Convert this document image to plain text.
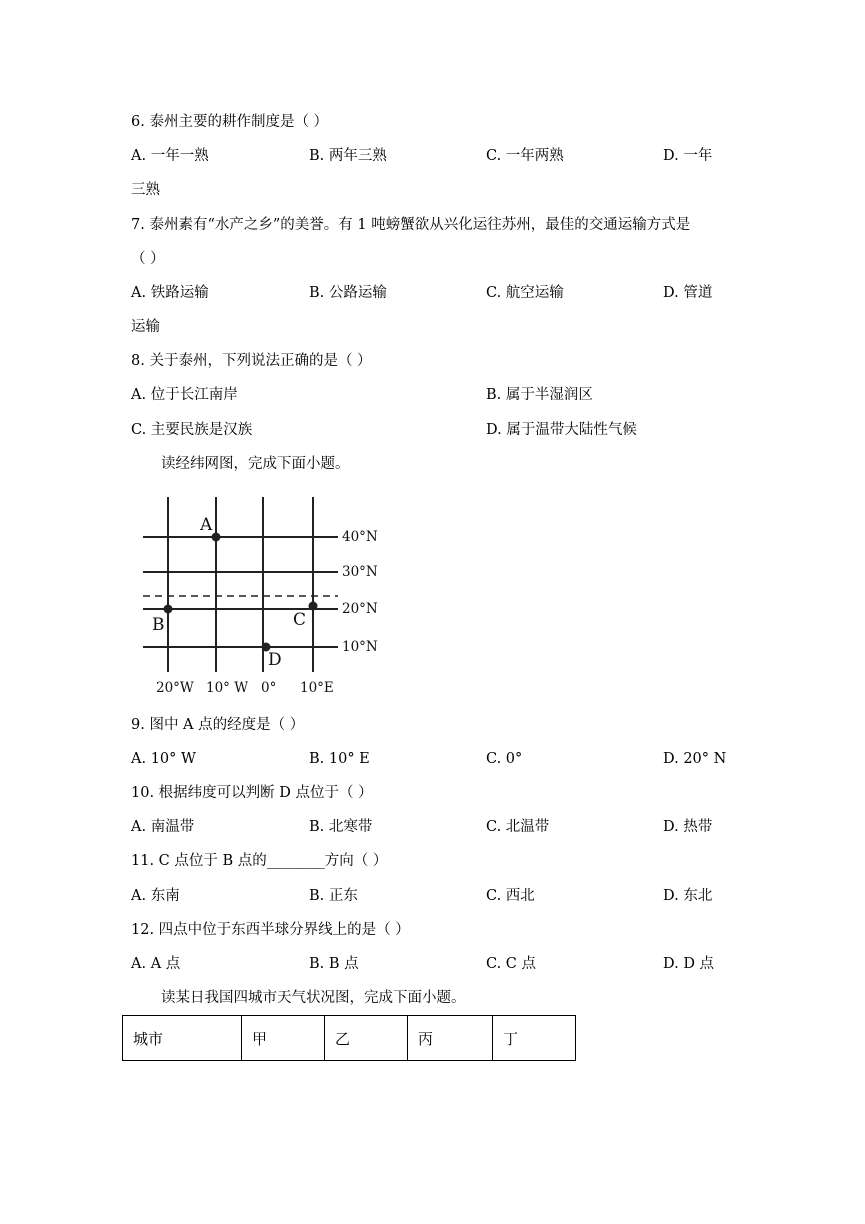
6. 泰州主要的耕作制度是（ ）
A. 一年一熟	B. 两年三熟	C. 一年两熟	D. 一年
三熟
7. 泰州素有“水产之乡”的美誉。有 1 吨螃蟹欲从兴化运往苏州，最佳的交通运输方式是
（ ）
A. 铁路运输	B. 公路运输	C. 航空运输	D. 管道
运输
8. 关于泰州，下列说法正确的是（ ）
A. 位于长江南岸	B. 属于半湿润区
C. 主要民族是汉族	D. 属于温带大陆性气候
读经纬网图，完成下面小题。
A
B	C
D
40°N
30°N
20°N
10°N
20°W 10° W 0° 10°E
9. 图中 A 点的经度是（ ）
A. 10° W	B. 10° E	C. 0°	D. 20° N
10. 根据纬度可以判断 D 点位于（ ）
A. 南温带	B. 北寒带	C. 北温带	D. 热带
11. C 点位于 B 点的________方向（ ）
A. 东南	B. 正东	C. 西北	D. 东北
12. 四点中位于东西半球分界线上的是（ ）
A. A 点	B. B 点	C. C 点	D. D 点
读某日我国四城市天气状况图，完成下面小题。
城市	甲	乙	丙	丁
